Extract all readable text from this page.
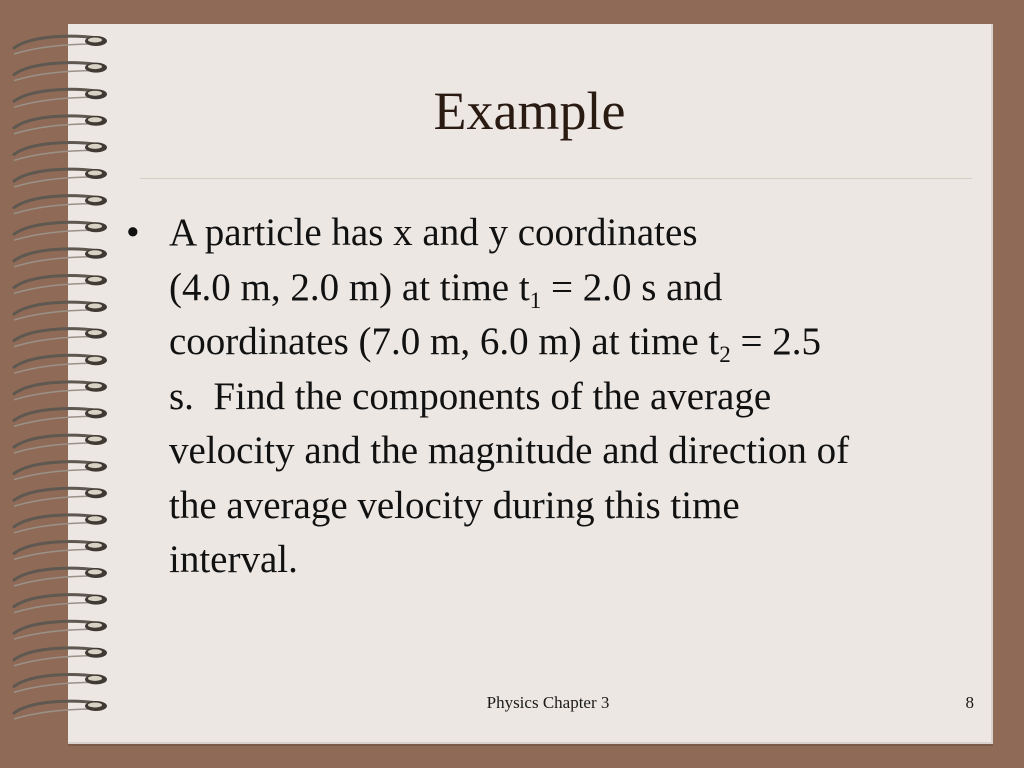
Example
• A particle has x and y coordinates
(4.0 m, 2.0 m) at time $t_1 = 2.0$ s and
coordinates (7.0 m, 6.0 m) at time $t_2 = 2.5$
s.  Find the components of the average
velocity and the magnitude and direction of
the average velocity during this time
interval.
Physics Chapter 3	8
